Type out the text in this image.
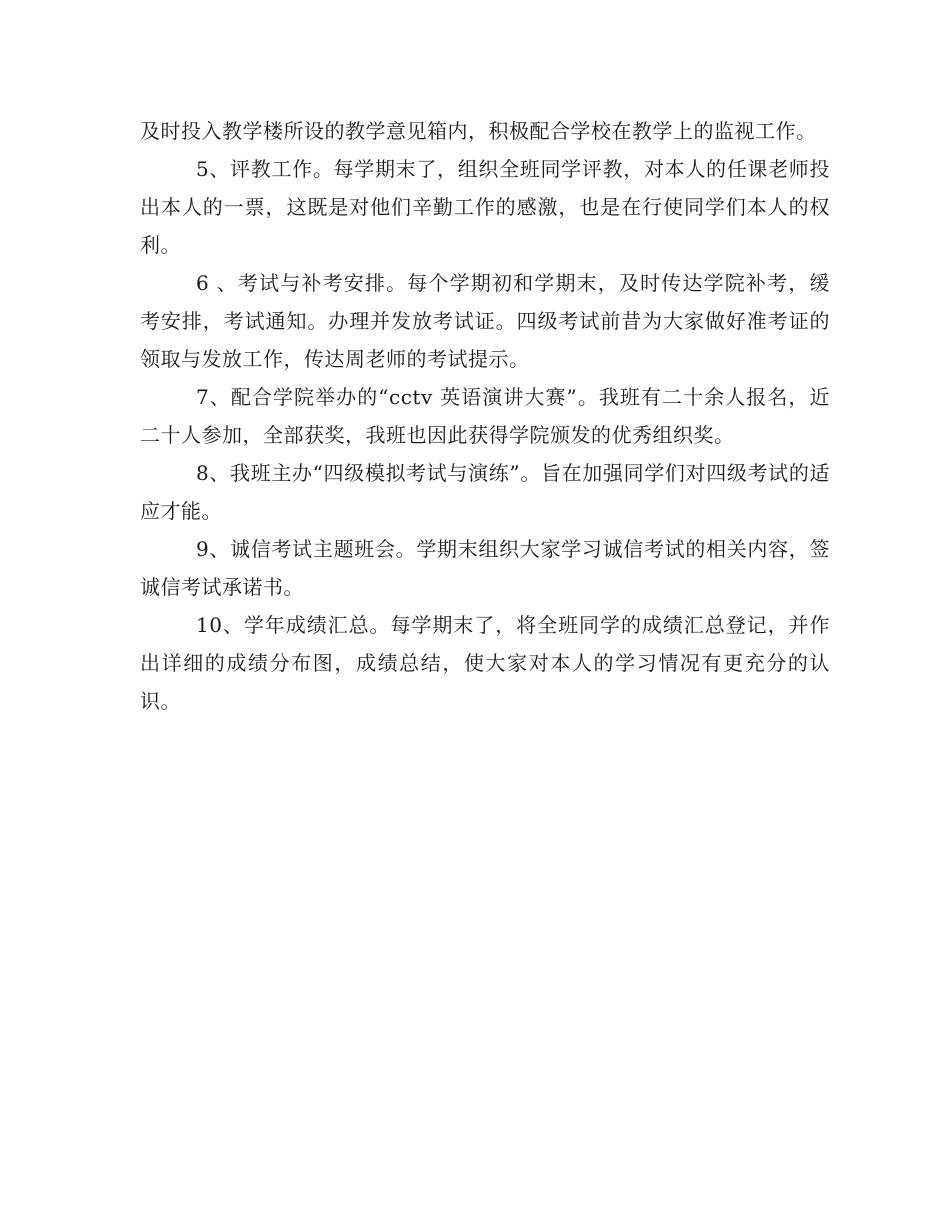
及时投入教学楼所设的教学意见箱内，积极配合学校在教学上的监视工作。

5、评教工作。每学期末了，组织全班同学评教，对本人的任课老师投出本人的一票，这既是对他们辛勤工作的感激，也是在行使同学们本人的权利。

6 、考试与补考安排。每个学期初和学期末，及时传达学院补考，缓考安排，考试通知。办理并发放考试证。四级考试前昔为大家做好准考证的领取与发放工作，传达周老师的考试提示。

7、配合学院举办的“cctv 英语演讲大赛”。我班有二十余人报名，近二十人参加，全部获奖，我班也因此获得学院颁发的优秀组织奖。

8、我班主办“四级模拟考试与演练”。旨在加强同学们对四级考试的适应才能。

9、诚信考试主题班会。学期末组织大家学习诚信考试的相关内容，签诚信考试承诺书。

10、学年成绩汇总。每学期末了，将全班同学的成绩汇总登记，并作出详细的成绩分布图，成绩总结，使大家对本人的学习情况有更充分的认识。
